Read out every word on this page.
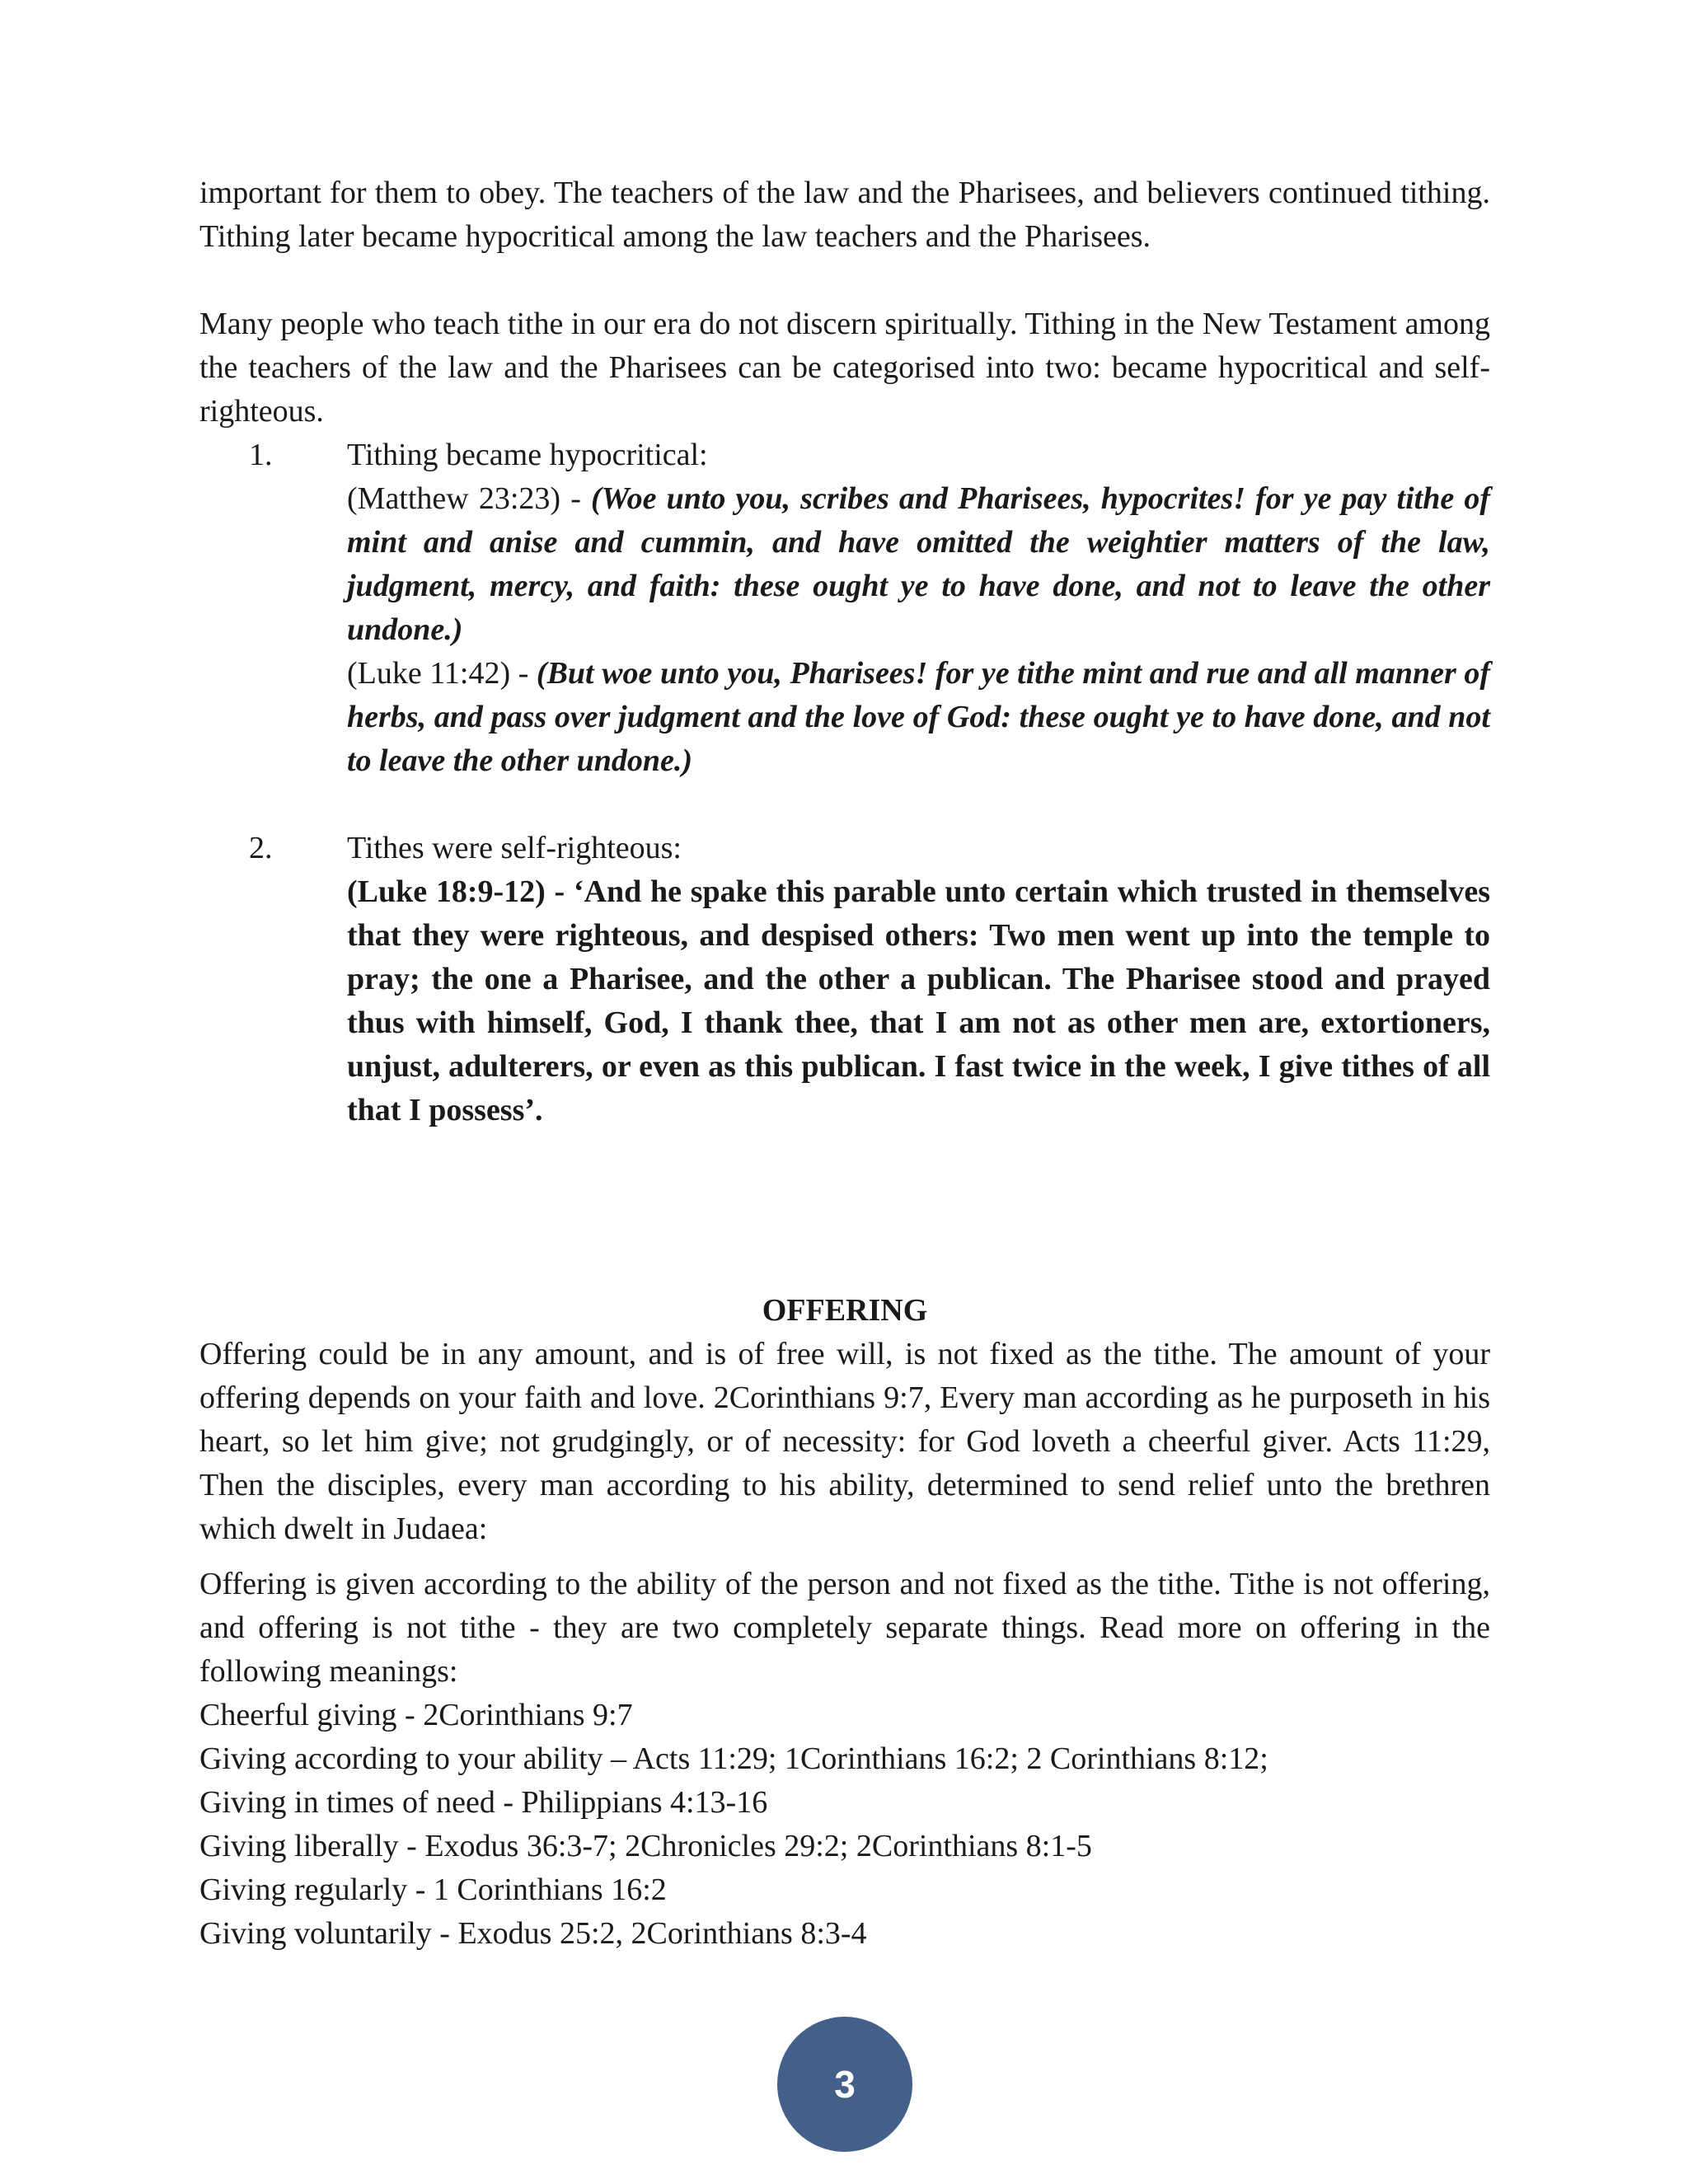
important for them to obey. The teachers of the law and the Pharisees, and believers continued tithing. Tithing later became hypocritical among the law teachers and the Pharisees.

Many people who teach tithe in our era do not discern spiritually. Tithing in the New Testament among the teachers of the law and the Pharisees can be categorised into two: became hypocritical and self-righteous.

1. Tithing became hypocritical:

(Matthew 23:23) - (Woe unto you, scribes and Pharisees, hypocrites! for ye pay tithe of mint and anise and cummin, and have omitted the weightier matters of the law, judgment, mercy, and faith: these ought ye to have done, and not to leave the other undone.)

(Luke 11:42) - (But woe unto you, Pharisees! for ye tithe mint and rue and all manner of herbs, and pass over judgment and the love of God: these ought ye to have done, and not to leave the other undone.)

2. Tithes were self-righteous:

(Luke 18:9-12) - ‘And he spake this parable unto certain which trusted in themselves that they were righteous, and despised others: Two men went up into the temple to pray; the one a Pharisee, and the other a publican. The Pharisee stood and prayed thus with himself, God, I thank thee, that I am not as other men are, extortioners, unjust, adulterers, or even as this publican. I fast twice in the week, I give tithes of all that I possess’.

OFFERING

Offering could be in any amount, and is of free will, is not fixed as the tithe. The amount of your offering depends on your faith and love. 2Corinthians 9:7, Every man according as he purposeth in his heart, so let him give; not grudgingly, or of necessity: for God loveth a cheerful giver. Acts 11:29, Then the disciples, every man according to his ability, determined to send relief unto the brethren which dwelt in Judaea:

Offering is given according to the ability of the person and not fixed as the tithe. Tithe is not offering, and offering is not tithe - they are two completely separate things. Read more on offering in the following meanings:

Cheerful giving - 2Corinthians 9:7

Giving according to your ability – Acts 11:29; 1Corinthians 16:2; 2 Corinthians 8:12;

Giving in times of need - Philippians 4:13-16

Giving liberally - Exodus 36:3-7; 2Chronicles 29:2; 2Corinthians 8:1-5

Giving regularly - 1 Corinthians 16:2

Giving voluntarily - Exodus 25:2, 2Corinthians 8:3-4

3
